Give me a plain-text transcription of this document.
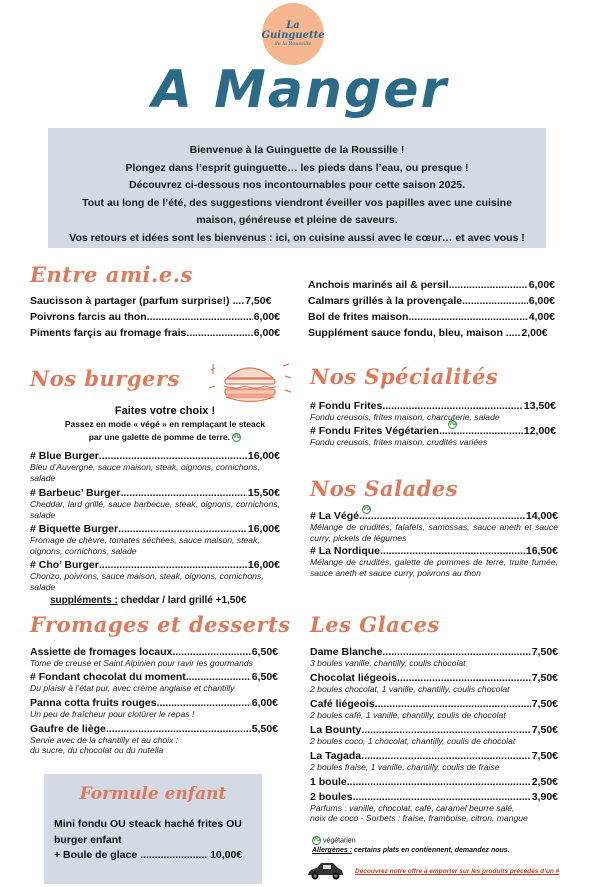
La
Guinguette
de la Roussille
A Manger
Bienvenue à la Guinguette de la Roussille !
Plongez dans l’esprit guinguette… les pieds dans l’eau, ou presque !
Découvrez ci-dessous nos incontournables pour cette saison 2025.
Tout au long de l’été, des suggestions viendront éveiller vos papilles avec une cuisine
maison, généreuse et pleine de saveurs.
Vos retours et idées sont les bienvenus : ici, on cuisine aussi avec le cœur… et avec vous !
Entre ami.e.s
Saucisson à partager (parfum surprise!) .... 7,50€
Poivrons farcis au thon .....	6,00€
Piments farçis au fromage frais .....	6,00€
Anchois marinés ail & persil .....	6,00€
Calmars grillés à la provençale .....	6,00€
Bol de frites maison .....	4,00€
Supplément sauce fondu, bleu, maison ..... 2,00€
Nos burgers
Faites votre choix !
Passez en mode « végé » en remplaçant le steack
par une galette de pomme de terre. VG
# Blue Burger .....	16,00€
Bleu d’Auvergne, sauce maison, steak, oignons, cornichons, salade
# Barbeuc’ Burger .....	15,50€
Cheddar, lard grillé, sauce barbecue, steak, oignons, cornichons, salade
# Biquette Burger .....	16,00€
Fromage de chèvre, tomates séchées, sauce maison, steak, oignons, cornichons, salade
# Cho’ Burger .....	16,00€
Chorizo, poivrons, sauce maison, steak, oignons, cornichons, salade
suppléments : cheddar / lard grillé +1,50€
Nos Spécialités
# Fondu Frites .....	13,50€
Fondu creusois, frites maison, charcuterie, salade
# Fondu Frites Végétarien .....	12,00€
VG
Fondu creusois, frites maison, crudités variées
Nos Salades
# La Végé .....	14,00€
VG
Mélange de crudités, falafels, samossas, sauce aneth et sauce curry, pickels de légumes
# La Nordique .....	16,50€
Mélange de crudités, galette de pommes de terre, truite fumée, sauce aneth et sauce curry, poivrons au thon
Fromages et desserts
Assiette de fromages locaux .....	6,50€
Tome de creuse et Saint Alpinien pour ravir les gourmands
# Fondant chocolat du moment .....	6,50€
Du plaisir à l’état pur, avec crème anglaise et chantilly
Panna cotta fruits rouges .....	6,00€
Un peu de fraîcheur pour clotûrer le repas !
Gaufre de liège .....	5,50€
Servie avec de la chantilly et au choix :
du sucre, du chocolat ou du nutella
Formule enfant
Mini fondu OU steack haché frites OU
burger enfant
+ Boule de glace ....................... 10,00€
Les Glaces
Dame Blanche .....	7,50€
3 boules vanille, chantilly, coulis chocolat
Chocolat liégeois .....	7,50€
2 boules chocolat, 1 vanille, chantilly, coulis chocolat
Café liégeois .....	7,50€
2 boules café, 1 vanille, chantilly, coulis de chocolat
La Bounty .....	7,50€
2 boules coco, 1 chocolat, chantilly, coulis de chocolat
La Tagada .....	7,50€
2 boules fraise, 1 vanille, chantilly, coulis de fraise
1 boule .....	2,50€
2 boules .....	3,90€
Parfums : vanille, chocolat, café, caramel beurre salé,
noix de coco - Sorbets : fraise, framboise, citron, mangue
VG végétarien
Allergènes : certains plats en contiennent, demandez nous.
Découvrez notre offre à emporter sur les produits précédés d’un #
